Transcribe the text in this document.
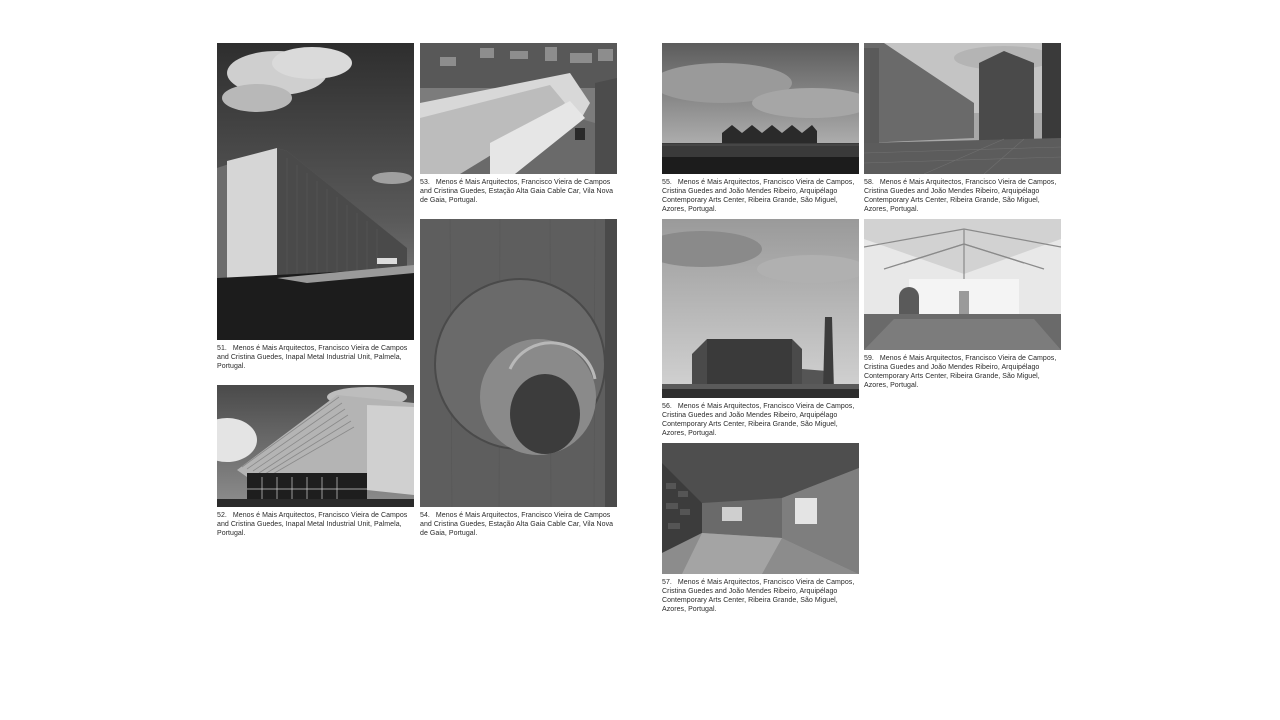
51. Menos é Mais Arquitectos, Francisco Vieira de Campos and Cristina Guedes, Inapal Metal Industrial Unit, Palmela, Portugal.
52. Menos é Mais Arquitectos, Francisco Vieira de Campos and Cristina Guedes, Inapal Metal Industrial Unit, Palmela, Portugal.
53. Menos é Mais Arquitectos, Francisco Vieira de Campos and Cristina Guedes, Estação Alta Gaia Cable Car, Vila Nova de Gaia, Portugal.
54. Menos é Mais Arquitectos, Francisco Vieira de Campos and Cristina Guedes, Estação Alta Gaia Cable Car, Vila Nova de Gaia, Portugal.
55. Menos é Mais Arquitectos, Francisco Vieira de Campos, Cristina Guedes and João Mendes Ribeiro, Arquipélago Contemporary Arts Center, Ribeira Grande, São Miguel, Azores, Portugal.
56. Menos é Mais Arquitectos, Francisco Vieira de Campos, Cristina Guedes and João Mendes Ribeiro, Arquipélago Contemporary Arts Center, Ribeira Grande, São Miguel, Azores, Portugal.
57. Menos é Mais Arquitectos, Francisco Vieira de Campos, Cristina Guedes and João Mendes Ribeiro, Arquipélago Contemporary Arts Center, Ribeira Grande, São Miguel, Azores, Portugal.
58. Menos é Mais Arquitectos, Francisco Vieira de Campos, Cristina Guedes and João Mendes Ribeiro, Arquipélago Contemporary Arts Center, Ribeira Grande, São Miguel, Azores, Portugal.
59. Menos é Mais Arquitectos, Francisco Vieira de Campos, Cristina Guedes and João Mendes Ribeiro, Arquipélago Contemporary Arts Center, Ribeira Grande, São Miguel, Azores, Portugal.
